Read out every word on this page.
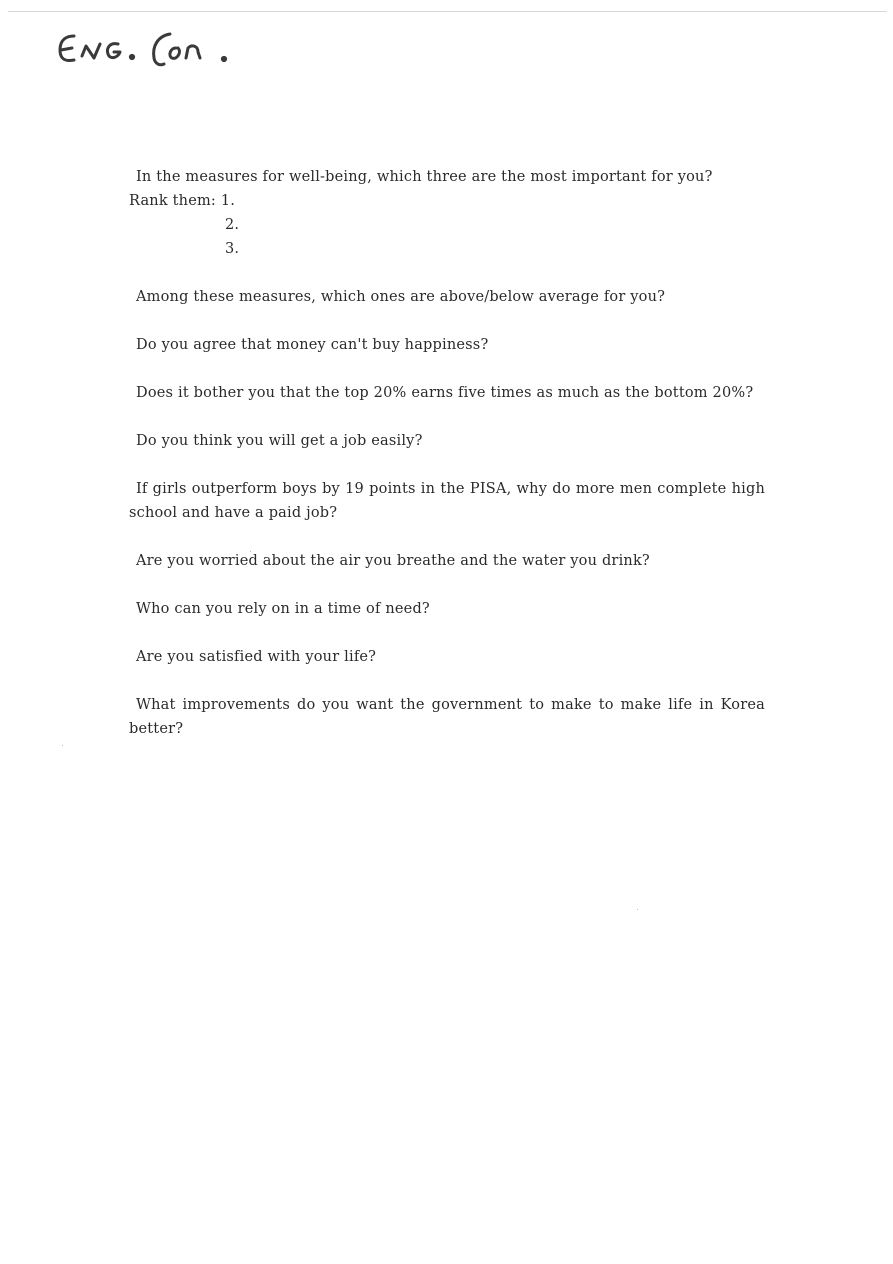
In the measures for well-being, which three are the most important for you?

Rank them: 1.
2.
3.

Among these measures, which ones are above/below average for you?

Do you agree that money can't buy happiness?

Does it bother you that the top 20% earns five times as much as the bottom 20%?

Do you think you will get a job easily?

If girls outperform boys by 19 points in the PISA, why do more men complete high school and have a paid job?

Are you worried about the air you breathe and the water you drink?

Who can you rely on in a time of need?

Are you satisfied with your life?

What improvements do you want the government to make to make life in Korea better?
